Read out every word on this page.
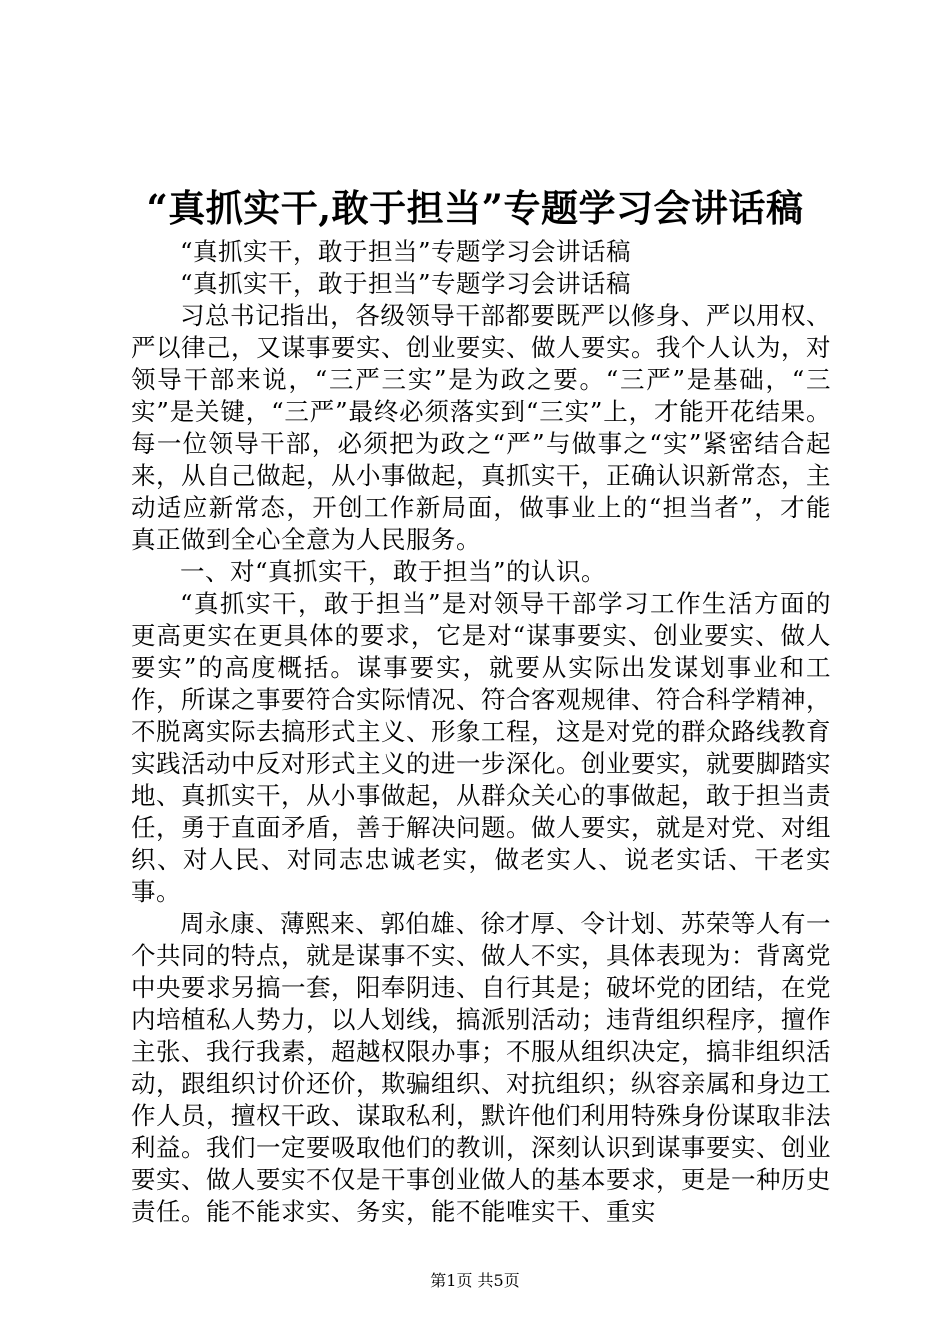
“真抓实干,敢于担当”专题学习会讲话稿

“真抓实干，敢于担当”专题学习会讲话稿

“真抓实干，敢于担当”专题学习会讲话稿

习总书记指出，各级领导干部都要既严以修身、严以用权、严以律己，又谋事要实、创业要实、做人要实。我个人认为，对领导干部来说，“三严三实”是为政之要。“三严”是基础，“三实”是关键，“三严”最终必须落实到“三实”上，才能开花结果。每一位领导干部，必须把为政之“严”与做事之“实”紧密结合起来，从自己做起，从小事做起，真抓实干，正确认识新常态，主动适应新常态，开创工作新局面，做事业上的“担当者”，才能真正做到全心全意为人民服务。

一、对“真抓实干，敢于担当”的认识。

“真抓实干，敢于担当”是对领导干部学习工作生活方面的更高更实在更具体的要求，它是对“谋事要实、创业要实、做人要实”的高度概括。谋事要实，就要从实际出发谋划事业和工作，所谋之事要符合实际情况、符合客观规律、符合科学精神，不脱离实际去搞形式主义、形象工程，这是对党的群众路线教育实践活动中反对形式主义的进一步深化。创业要实，就要脚踏实地、真抓实干，从小事做起，从群众关心的事做起，敢于担当责任，勇于直面矛盾，善于解决问题。做人要实，就是对党、对组织、对人民、对同志忠诚老实，做老实人、说老实话、干老实事。

周永康、薄熙来、郭伯雄、徐才厚、令计划、苏荣等人有一个共同的特点，就是谋事不实、做人不实，具体表现为：背离党中央要求另搞一套，阳奉阴违、自行其是；破坏党的团结，在党内培植私人势力，以人划线，搞派别活动；违背组织程序，擅作主张、我行我素，超越权限办事；不服从组织决定，搞非组织活动，跟组织讨价还价，欺骗组织、对抗组织；纵容亲属和身边工作人员，擅权干政、谋取私利，默许他们利用特殊身份谋取非法利益。我们一定要吸取他们的教训，深刻认识到谋事要实、创业要实、做人要实不仅是干事创业做人的基本要求，更是一种历史责任。能不能求实、务实，能不能唯实干、重实

第1页 共5页
